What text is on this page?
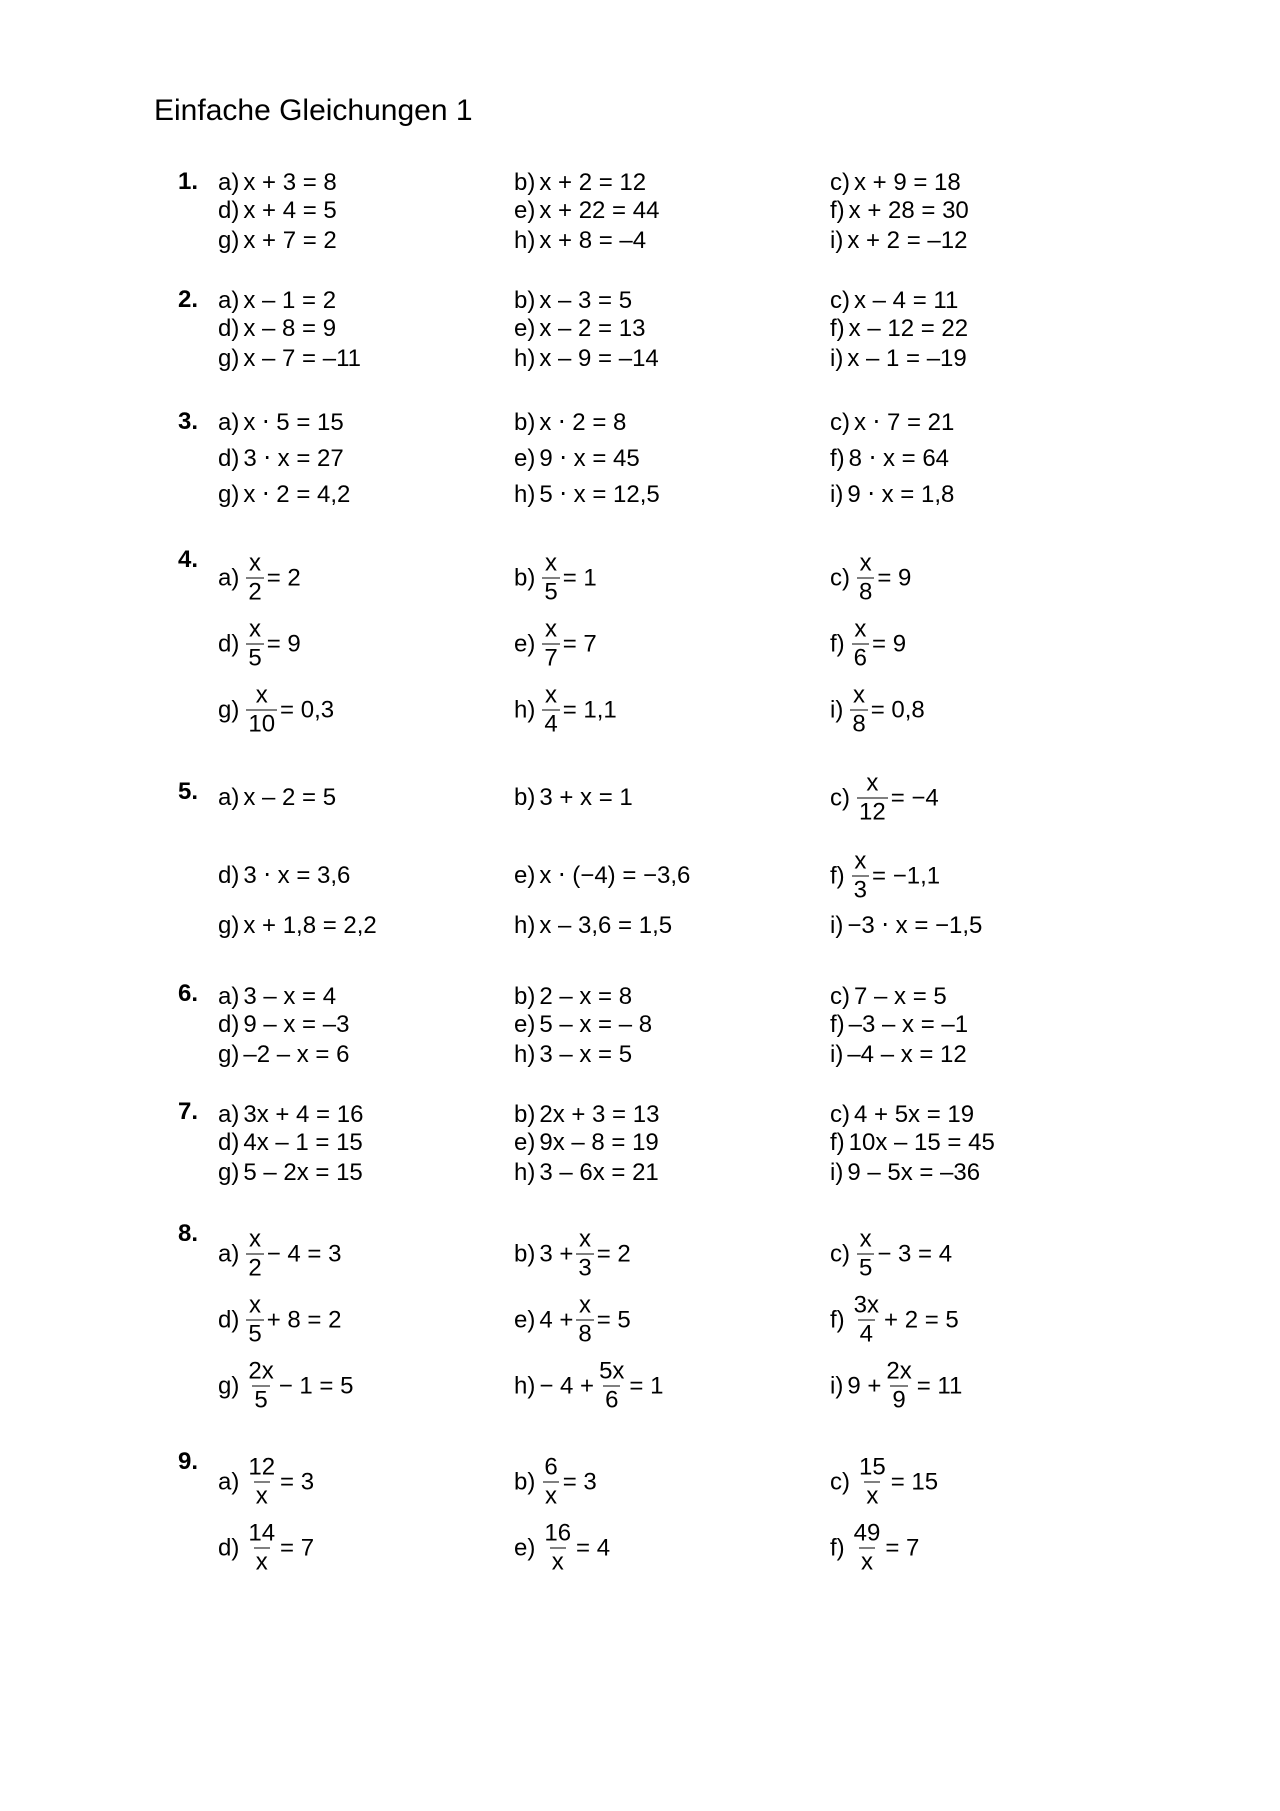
Einfache Gleichungen 1
1. a) x + 3 = 8	b) x + 2 = 12	c) x + 9 = 18
d) x + 4 = 5	e) x + 22 = 44	f) x + 28 = 30
g) x + 7 = 2	h) x + 8 = –4	i) x + 2 = –12
2. a) x – 1 = 2	b) x – 3 = 5	c) x – 4 = 11
d) x – 8 = 9	e) x – 2 = 13	f) x – 12 = 22
g) x – 7 = –11	h) x – 9 = –14	i) x – 1 = –19
3. a) x ⋅ 5 = 15	b) x ⋅ 2 = 8	c) x ⋅ 7 = 21
d) 3 ⋅ x = 27	e) 9 ⋅ x = 45	f) 8 ⋅ x = 64
g) x ⋅ 2 = 4,2	h) 5 ⋅ x = 12,5	i) 9 ⋅ x = 1,8
4.
$a) \frac{x}{2} = 2$	$b) \frac{x}{5} = 1$	$c) \frac{x}{8} = 9$
$d) \frac{x}{5} = 9$	$e) \frac{x}{7} = 7$	$f) \frac{x}{6} = 9$
$g) \frac{x}{10} = 0,3$	$h) \frac{x}{4} = 1,1$	$i) \frac{x}{8} = 0,8$
5. a) x – 2 = 5	b) 3 + x = 1	$c) \frac{x}{12} = -4$
d) 3 ⋅ x = 3,6	e) x ⋅ (−4) = −3,6	$f) \frac{x}{3} = -1,1$
g) x + 1,8 = 2,2	h) x – 3,6 = 1,5	i) −3 ⋅ x = −1,5
6. a) 3 – x = 4	b) 2 – x = 8	c) 7 – x = 5
d) 9 – x = –3	e) 5 – x = – 8	f) –3 – x = –1
g) –2 – x = 6	h) 3 – x = 5	i) –4 – x = 12
7. a) 3x + 4 = 16	b) 2x + 3 = 13	c) 4 + 5x = 19
d) 4x – 1 = 15	e) 9x – 8 = 19	f) 10x – 15 = 45
g) 5 – 2x = 15	h) 3 – 6x = 21	i) 9 – 5x = –36
8.
$a) \frac{x}{2} - 4 = 3$	b) $3 + \frac{x}{3} = 2$	$c) \frac{x}{5} - 3 = 4$
$d) \frac{x}{5} + 8 = 2$	e) $4 + \frac{x}{8} = 5$	$f) \frac{3x}{4} + 2 = 5$
$g) \frac{2x}{5} - 1 = 5$	$h) - 4 + \frac{5x}{6} = 1$	i) $9 + \frac{2x}{9} = 11$
9.
$a) \frac{12}{x} = 3$	$b) \frac{6}{x} = 3$	$c) \frac{15}{x} = 15$
$d) \frac{14}{x} = 7$	$e) \frac{16}{x} = 4$	$f) \frac{49}{x} = 7$
